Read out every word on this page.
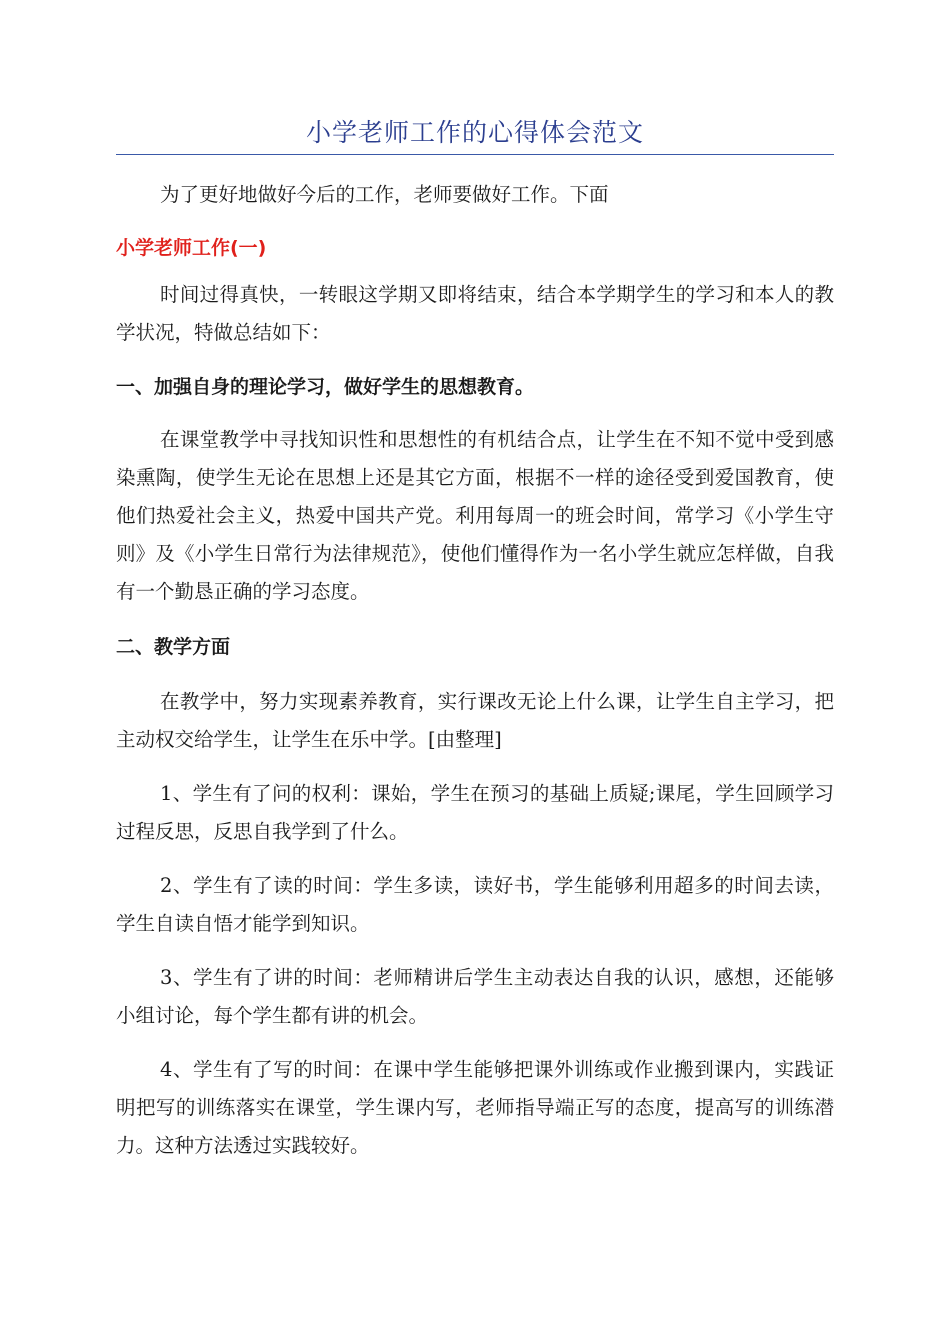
小学老师工作的心得体会范文

为了更好地做好今后的工作，老师要做好工作。下面

小学老师工作(一)

时间过得真快，一转眼这学期又即将结束，结合本学期学生的学习和本人的教学状况，特做总结如下：

一、加强自身的理论学习，做好学生的思想教育。

在课堂教学中寻找知识性和思想性的有机结合点，让学生在不知不觉中受到感染熏陶，使学生无论在思想上还是其它方面，根据不一样的途径受到爱国教育，使他们热爱社会主义，热爱中国共产党。利用每周一的班会时间，常学习《小学生守则》及《小学生日常行为法律规范》，使他们懂得作为一名小学生就应怎样做，自我有一个勤恳正确的学习态度。

二、教学方面

在教学中，努力实现素养教育，实行课改无论上什么课，让学生自主学习，把主动权交给学生，让学生在乐中学。[由整理]

1、学生有了问的权利：课始，学生在预习的基础上质疑;课尾，学生回顾学习过程反思，反思自我学到了什么。

2、学生有了读的时间：学生多读，读好书，学生能够利用超多的时间去读，学生自读自悟才能学到知识。

3、学生有了讲的时间：老师精讲后学生主动表达自我的认识，感想，还能够小组讨论，每个学生都有讲的机会。

4、学生有了写的时间：在课中学生能够把课外训练或作业搬到课内，实践证明把写的训练落实在课堂，学生课内写，老师指导端正写的态度，提高写的训练潜力。这种方法透过实践较好。
